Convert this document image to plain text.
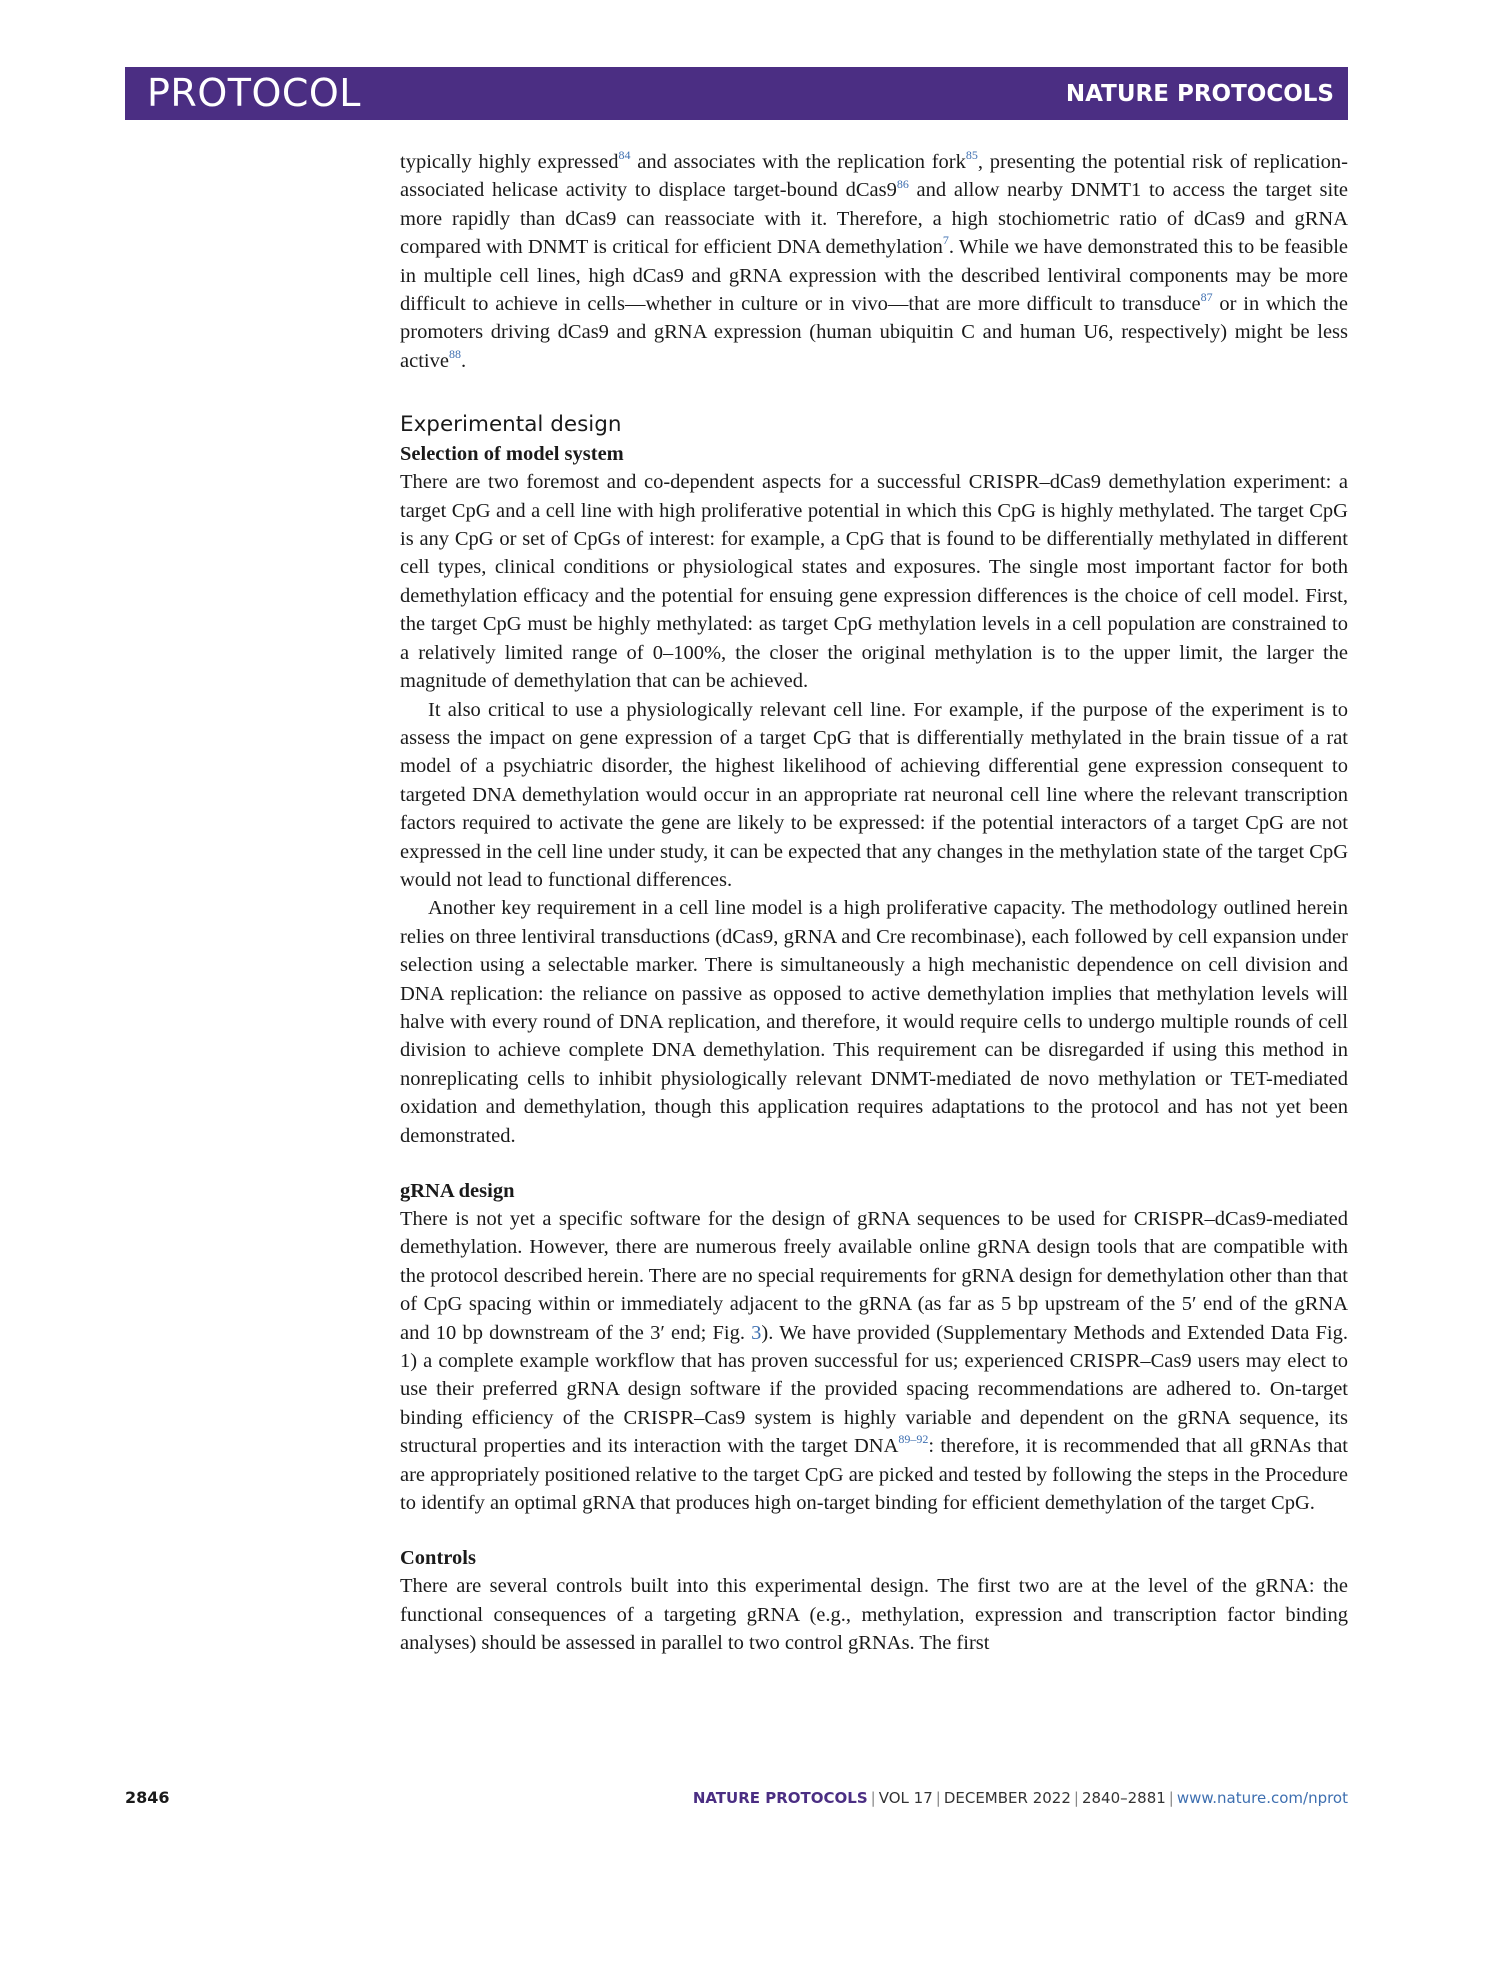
PROTOCOL	NATURE PROTOCOLS

typically highly expressed$^{84}$ and associates with the replication fork$^{85}$, presenting the potential risk of replication-associated helicase activity to displace target-bound $dCas9^{86}$ and allow nearby DNMT1 to access the target site more rapidly than dCas9 can reassociate with it. Therefore, a high stochiometric ratio of dCas9 and gRNA compared with DNMT is critical for efficient DNA demethylation$^7$. While we have demonstrated this to be feasible in multiple cell lines, high dCas9 and gRNA expression with the described lentiviral components may be more difficult to achieve in cells—whether in culture or in vivo—that are more difficult to transduce$^{87}$ or in which the promoters driving dCas9 and gRNA expression (human ubiquitin C and human U6, respectively) might be less active$^{88}$.

Experimental design
Selection of model system

There are two foremost and co-dependent aspects for a successful CRISPR–dCas9 demethylation experiment: a target CpG and a cell line with high proliferative potential in which this CpG is highly methylated. The target CpG is any CpG or set of CpGs of interest: for example, a CpG that is found to be differentially methylated in different cell types, clinical conditions or physiological states and exposures. The single most important factor for both demethylation efficacy and the potential for ensuing gene expression differences is the choice of cell model. First, the target CpG must be highly methylated: as target CpG methylation levels in a cell population are constrained to a relatively limited range of 0–100%, the closer the original methylation is to the upper limit, the larger the magnitude of demethylation that can be achieved.

It also critical to use a physiologically relevant cell line. For example, if the purpose of the experiment is to assess the impact on gene expression of a target CpG that is differentially methylated in the brain tissue of a rat model of a psychiatric disorder, the highest likelihood of achieving differential gene expression consequent to targeted DNA demethylation would occur in an appropriate rat neuronal cell line where the relevant transcription factors required to activate the gene are likely to be expressed: if the potential interactors of a target CpG are not expressed in the cell line under study, it can be expected that any changes in the methylation state of the target CpG would not lead to functional differences.

Another key requirement in a cell line model is a high proliferative capacity. The methodology outlined herein relies on three lentiviral transductions (dCas9, gRNA and Cre recombinase), each followed by cell expansion under selection using a selectable marker. There is simultaneously a high mechanistic dependence on cell division and DNA replication: the reliance on passive as opposed to active demethylation implies that methylation levels will halve with every round of DNA replication, and therefore, it would require cells to undergo multiple rounds of cell division to achieve complete DNA demethylation. This requirement can be disregarded if using this method in nonreplicating cells to inhibit physiologically relevant DNMT-mediated de novo methylation or TET-mediated oxidation and demethylation, though this application requires adaptations to the protocol and has not yet been demonstrated.

gRNA design

There is not yet a specific software for the design of gRNA sequences to be used for CRISPR–dCas9-mediated demethylation. However, there are numerous freely available online gRNA design tools that are compatible with the protocol described herein. There are no special requirements for gRNA design for demethylation other than that of CpG spacing within or immediately adjacent to the gRNA (as far as 5 bp upstream of the 5′ end of the gRNA and 10 bp downstream of the 3′ end; Fig. 3). We have provided (Supplementary Methods and Extended Data Fig. 1) a complete example workflow that has proven successful for us; experienced CRISPR–Cas9 users may elect to use their preferred gRNA design software if the provided spacing recommendations are adhered to. On-target binding efficiency of the CRISPR–Cas9 system is highly variable and dependent on the gRNA sequence, its structural properties and its interaction with the target DNA$^{89-92}$: therefore, it is recommended that all gRNAs that are appropriately positioned relative to the target CpG are picked and tested by following the steps in the Procedure to identify an optimal gRNA that produces high on-target binding for efficient demethylation of the target CpG.

Controls

There are several controls built into this experimental design. The first two are at the level of the gRNA: the functional consequences of a targeting gRNA (e.g., methylation, expression and transcription factor binding analyses) should be assessed in parallel to two control gRNAs. The first

2846	NATURE PROTOCOLS | VOL 17 | DECEMBER 2022 | 2840–2881 | www.nature.com/nprot
